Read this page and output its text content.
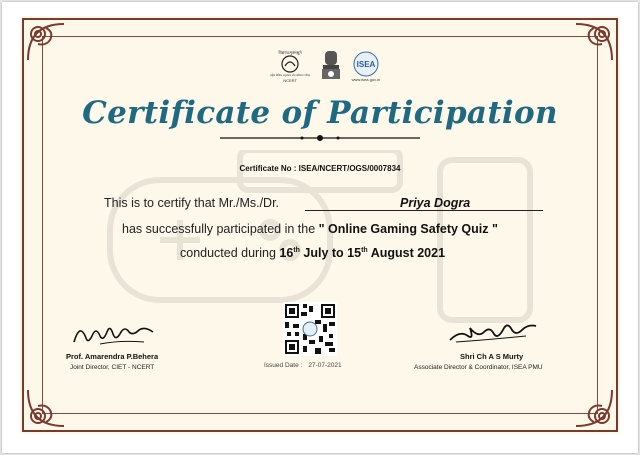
विद्ययाऽमृतमश्नुते
राष्ट्रीय शैक्षिक अनुसंधान और प्रशिक्षण परिषद्
NCERT
ISEA
www.isea.gov.in
Certificate of Participation
Certificate No : ISEA/NCERT/OGS/0007834
This is to certify that Mr./Ms./Dr.	Priya Dogra
has successfully participated in the " Online Gaming Safety Quiz "
conducted during 16th July to 15th August 2021
Prof. Amarendra P.Behera
Joint Director, CIET - NCERT	Issued Date : 27-07-2021
Shri Ch A S Murty
Associate Director & Coordinator, ISEA PMU
